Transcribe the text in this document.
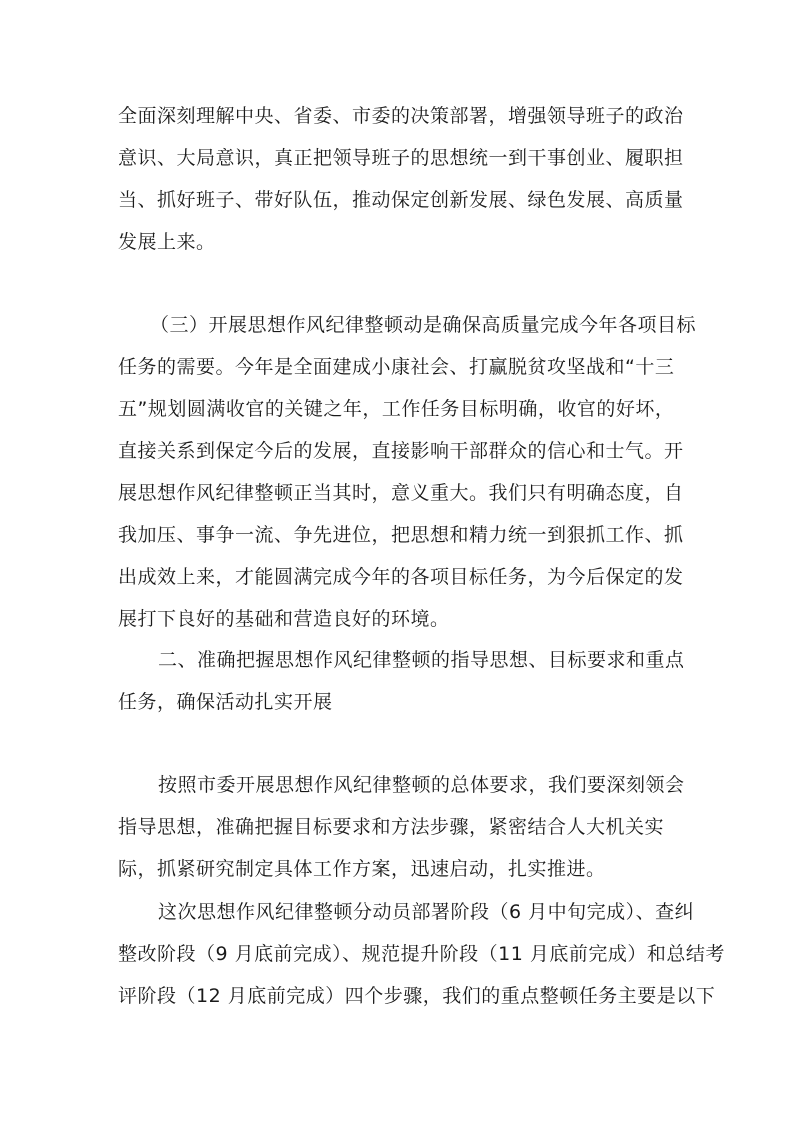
全面深刻理解中央、省委、市委的决策部署，增强领导班子的政治
意识、大局意识，真正把领导班子的思想统一到干事创业、履职担
当、抓好班子、带好队伍，推动保定创新发展、绿色发展、高质量
发展上来。
（三）开展思想作风纪律整顿动是确保高质量完成今年各项目标
任务的需要。今年是全面建成小康社会、打赢脱贫攻坚战和“十三
五”规划圆满收官的关键之年，工作任务目标明确，收官的好坏，
直接关系到保定今后的发展，直接影响干部群众的信心和士气。开
展思想作风纪律整顿正当其时，意义重大。我们只有明确态度，自
我加压、事争一流、争先进位，把思想和精力统一到狠抓工作、抓
出成效上来，才能圆满完成今年的各项目标任务，为今后保定的发
展打下良好的基础和营造良好的环境。
二、准确把握思想作风纪律整顿的指导思想、目标要求和重点
任务，确保活动扎实开展
按照市委开展思想作风纪律整顿的总体要求，我们要深刻领会
指导思想，准确把握目标要求和方法步骤，紧密结合人大机关实
际，抓紧研究制定具体工作方案，迅速启动，扎实推进。
这次思想作风纪律整顿分动员部署阶段（6 月中旬完成）、查纠
整改阶段（9 月底前完成）、规范提升阶段（11 月底前完成）和总结考
评阶段（12 月底前完成）四个步骤，我们的重点整顿任务主要是以下
